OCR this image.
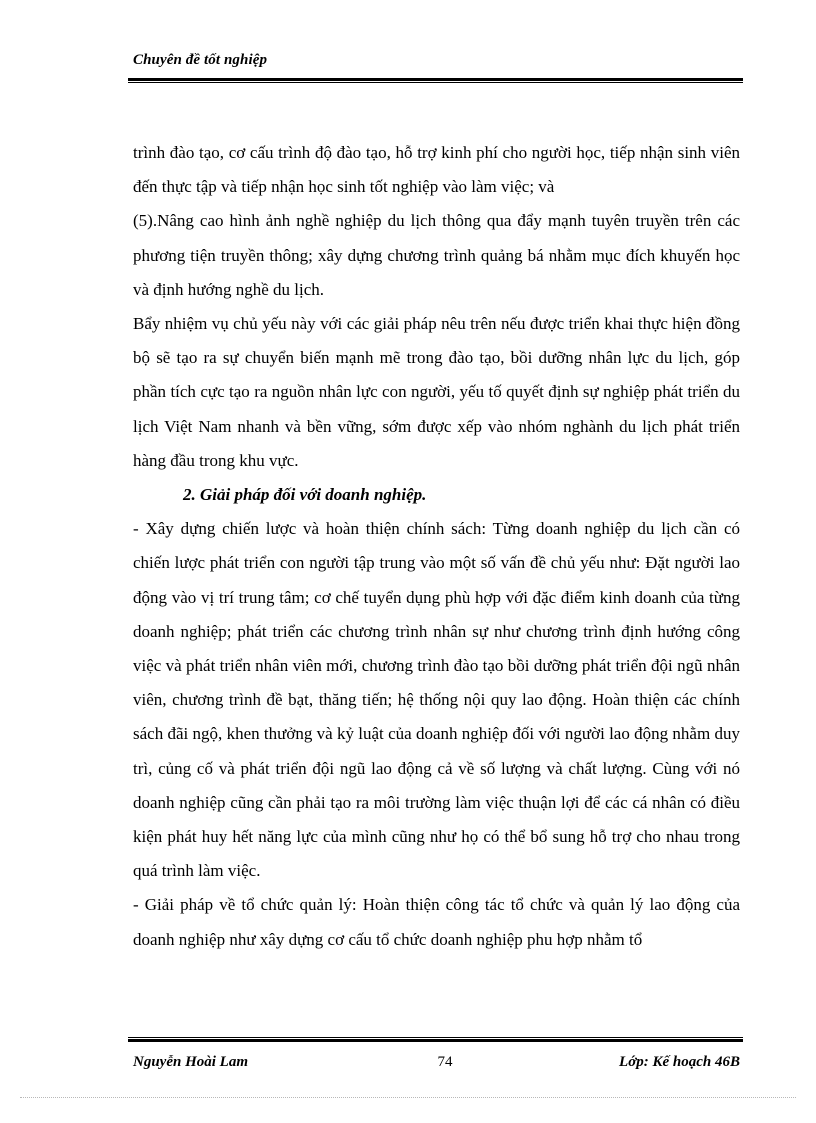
Chuyên đề tốt nghiệp

trình đào tạo, cơ cấu trình độ đào tạo, hỗ trợ kinh phí cho người học, tiếp nhận sinh viên đến thực tập và tiếp nhận học sinh tốt nghiệp vào làm việc; và

(5).Nâng cao hình ảnh nghề nghiệp du lịch thông qua đẩy mạnh tuyên truyền trên các phương tiện truyền thông; xây dựng chương trình quảng bá nhằm mục đích khuyến học và định hướng nghề du lịch.

Bẩy nhiệm vụ chủ yếu này với các giải pháp nêu trên nếu được triển khai thực hiện đồng bộ sẽ tạo ra sự chuyển biến mạnh mẽ trong đào tạo, bồi dưỡng nhân lực du lịch, góp phần tích cực tạo ra nguồn nhân lực con người, yếu tố quyết định sự nghiệp phát triển du lịch Việt Nam nhanh và bền vững, sớm được xếp vào nhóm nghành du lịch phát triển hàng đầu trong khu vực.

2. Giải pháp đối với doanh nghiệp.

- Xây dựng chiến lược và hoàn thiện chính sách: Từng doanh nghiệp du lịch cần có chiến lược phát triển con người tập trung vào một số vấn đề chủ yếu như: Đặt người lao động vào vị trí trung tâm; cơ chế tuyển dụng phù hợp với đặc điểm kinh doanh của từng doanh nghiệp; phát triển các chương trình nhân sự như chương trình định hướng công việc và phát triển nhân viên mới, chương trình đào tạo bồi dưỡng phát triển đội ngũ nhân viên, chương trình đề bạt, thăng tiến; hệ thống nội quy lao động. Hoàn thiện các chính sách đãi ngộ, khen thưởng và kỷ luật của doanh nghiệp đối với người lao động nhằm duy trì, củng cố và phát triển đội ngũ lao động cả về số lượng và chất lượng. Cùng với nó doanh nghiệp cũng cần phải tạo ra môi trường làm việc thuận lợi để các cá nhân có điều kiện phát huy hết năng lực của mình cũng như họ có thể bổ sung hỗ trợ cho nhau trong quá trình làm việc.

- Giải pháp về tổ chức quản lý: Hoàn thiện công tác tổ chức và quản lý lao động của doanh nghiệp như xây dựng cơ cấu tổ chức doanh nghiệp phu hợp nhằm tổ

Nguyễn Hoài Lam	74	Lớp: Kế hoạch 46B
